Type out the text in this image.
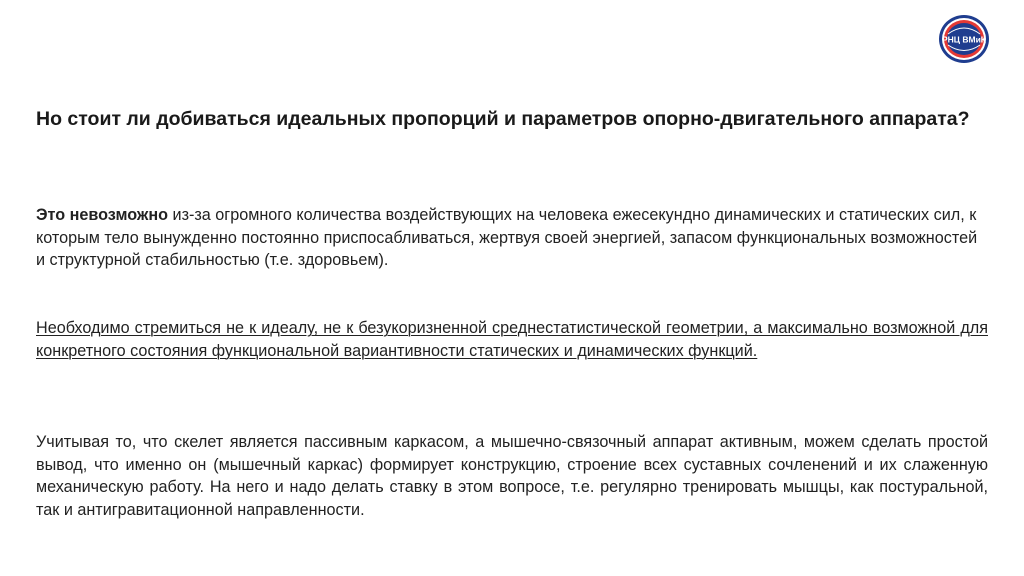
РНЦ ВМиК
Но стоит ли добиваться идеальных пропорций и параметров опорно-двигательного аппарата?

Это невозможно из-за огромного количества воздействующих на человека ежесекундно динамических и статических сил, к которым тело вынужденно постоянно приспосабливаться, жертвуя своей энергией, запасом функциональных возможностей и структурной стабильностью (т.е. здоровьем).

Необходимо стремиться не к идеалу, не к безукоризненной среднестатистической геометрии, а максимально возможной для конкретного состояния функциональной вариантивности статических и динамических функций.

Учитывая то, что скелет является пассивным каркасом, а мышечно-связочный аппарат активным, можем сделать простой вывод, что именно он (мышечный каркас) формирует конструкцию, строение всех суставных сочленений и их слаженную механическую работу. На него и надо делать ставку в этом вопросе, т.е. регулярно тренировать мышцы, как постуральной, так и антигравитационной направленности.
